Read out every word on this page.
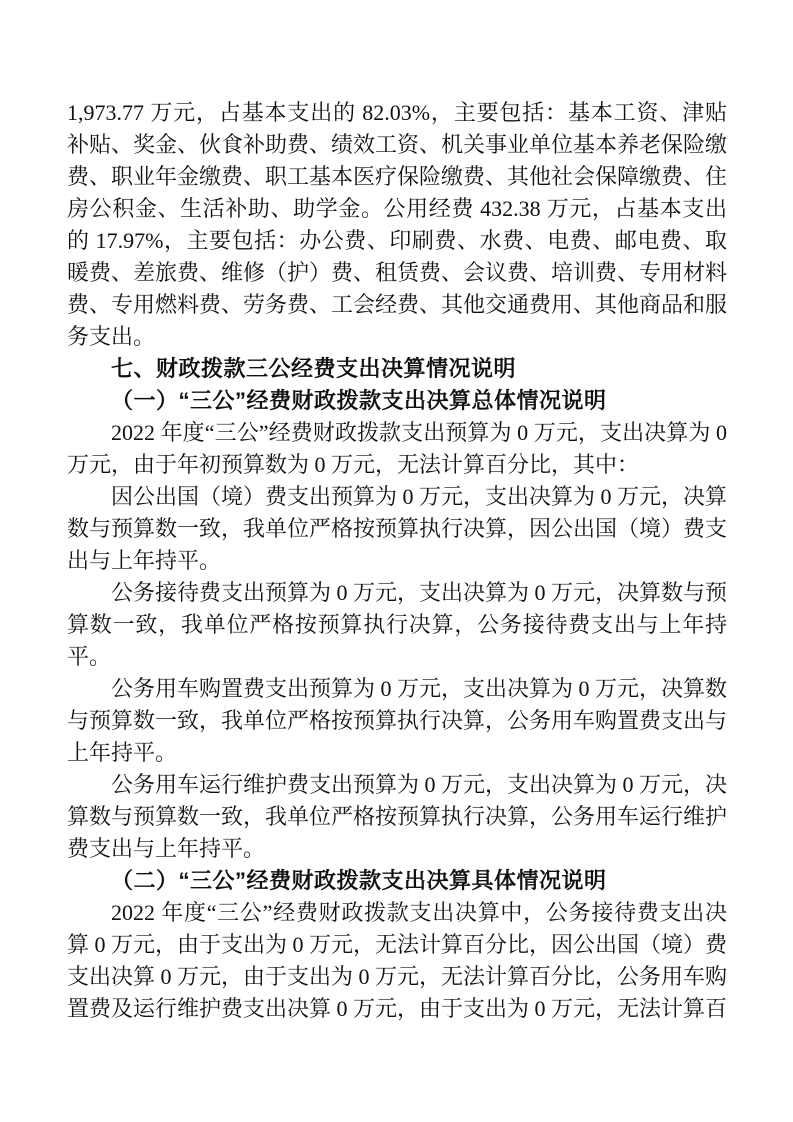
1,973.77 万元，占基本支出的 82.03%，主要包括：基本工资、津贴补贴、奖金、伙食补助费、绩效工资、机关事业单位基本养老保险缴费、职业年金缴费、职工基本医疗保险缴费、其他社会保障缴费、住房公积金、生活补助、助学金。公用经费 432.38 万元，占基本支出的 17.97%，主要包括：办公费、印刷费、水费、电费、邮电费、取暖费、差旅费、维修（护）费、租赁费、会议费、培训费、专用材料费、专用燃料费、劳务费、工会经费、其他交通费用、其他商品和服务支出。

七、财政拨款三公经费支出决算情况说明
（一）“三公”经费财政拨款支出决算总体情况说明

2022 年度“三公”经费财政拨款支出预算为 0 万元，支出决算为 0 万元，由于年初预算数为 0 万元，无法计算百分比，其中：

因公出国（境）费支出预算为 0 万元，支出决算为 0 万元，决算数与预算数一致，我单位严格按预算执行决算，因公出国（境）费支出与上年持平。

公务接待费支出预算为 0 万元，支出决算为 0 万元，决算数与预算数一致，我单位严格按预算执行决算，公务接待费支出与上年持平。

公务用车购置费支出预算为 0 万元，支出决算为 0 万元，决算数与预算数一致，我单位严格按预算执行决算，公务用车购置费支出与上年持平。

公务用车运行维护费支出预算为 0 万元，支出决算为 0 万元，决算数与预算数一致，我单位严格按预算执行决算，公务用车运行维护费支出与上年持平。

（二）“三公”经费财政拨款支出决算具体情况说明

2022 年度“三公”经费财政拨款支出决算中，公务接待费支出决算 0 万元，由于支出为 0 万元，无法计算百分比，因公出国（境）费支出决算 0 万元，由于支出为 0 万元，无法计算百分比，公务用车购置费及运行维护费支出决算 0 万元，由于支出为 0 万元，无法计算百
